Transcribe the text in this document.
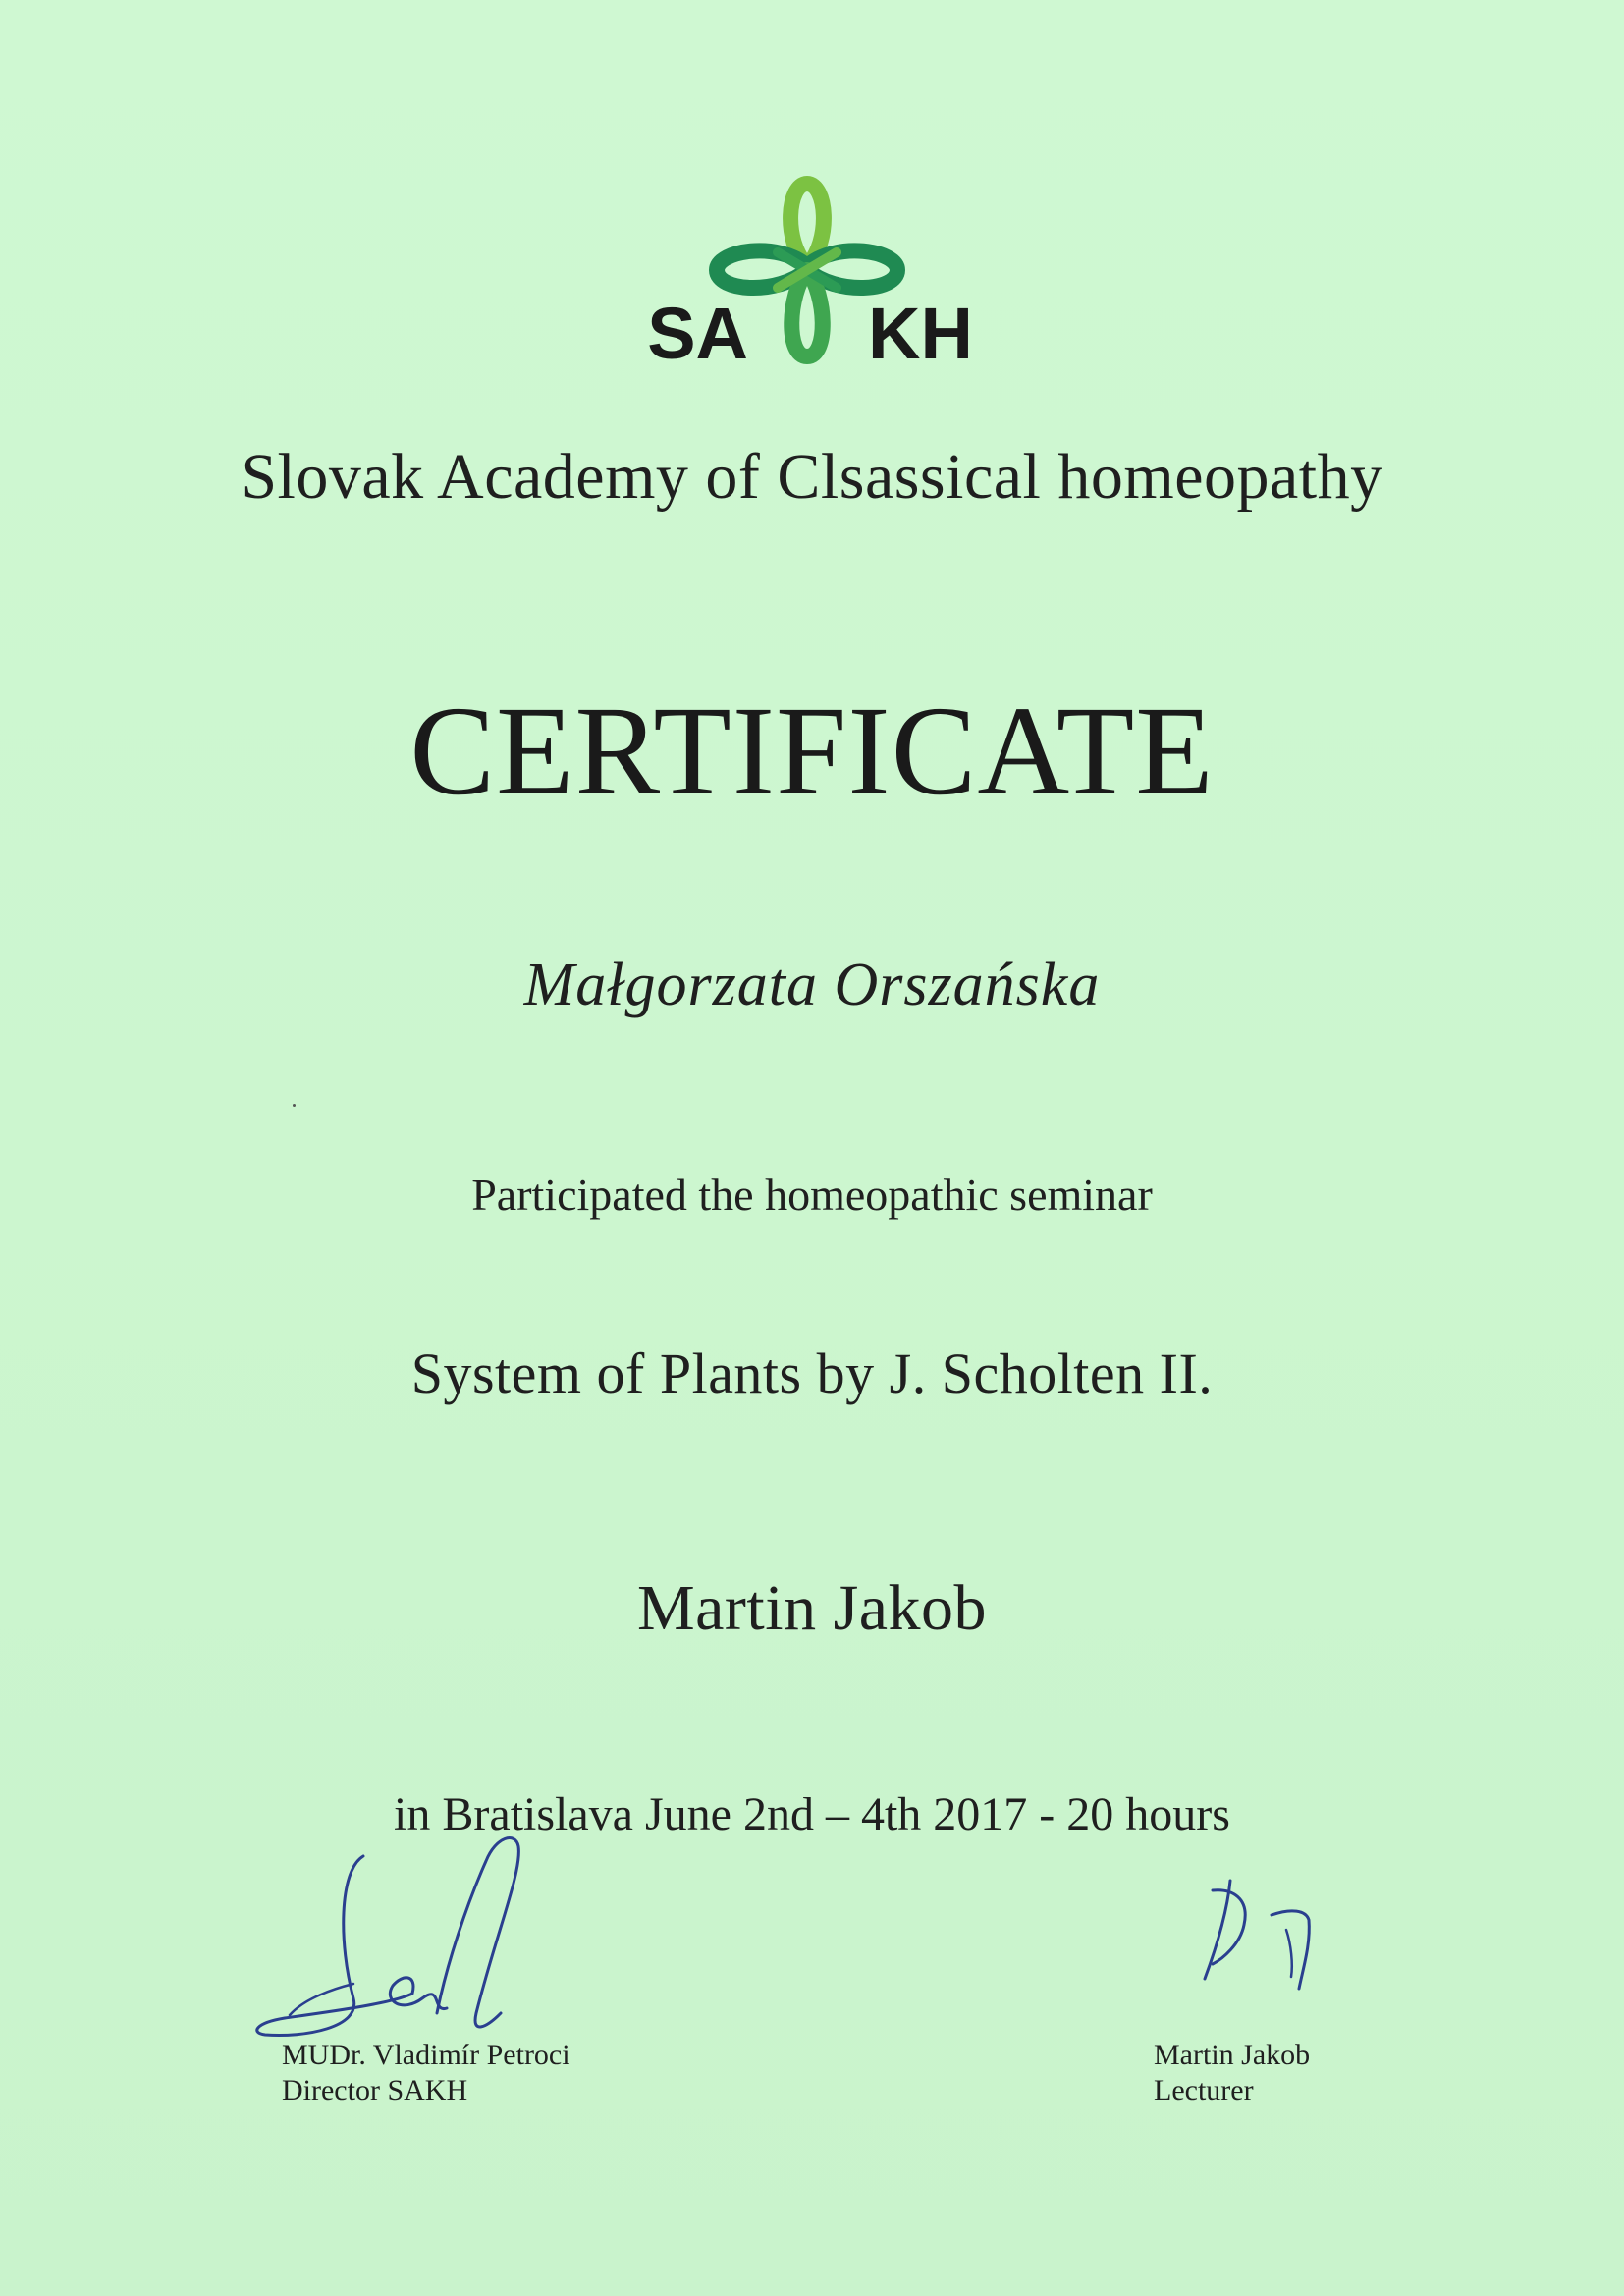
SA KH
Slovak Academy of Clsassical homeopathy
CERTIFICATE
Małgorzata Orszańska
Participated the homeopathic seminar
System of Plants by J. Scholten II.
Martin Jakob
in Bratislava June 2nd – 4th 2017 - 20 hours
MUDr. Vladimír Petroci
Director SAKH
Martin Jakob
Lecturer
